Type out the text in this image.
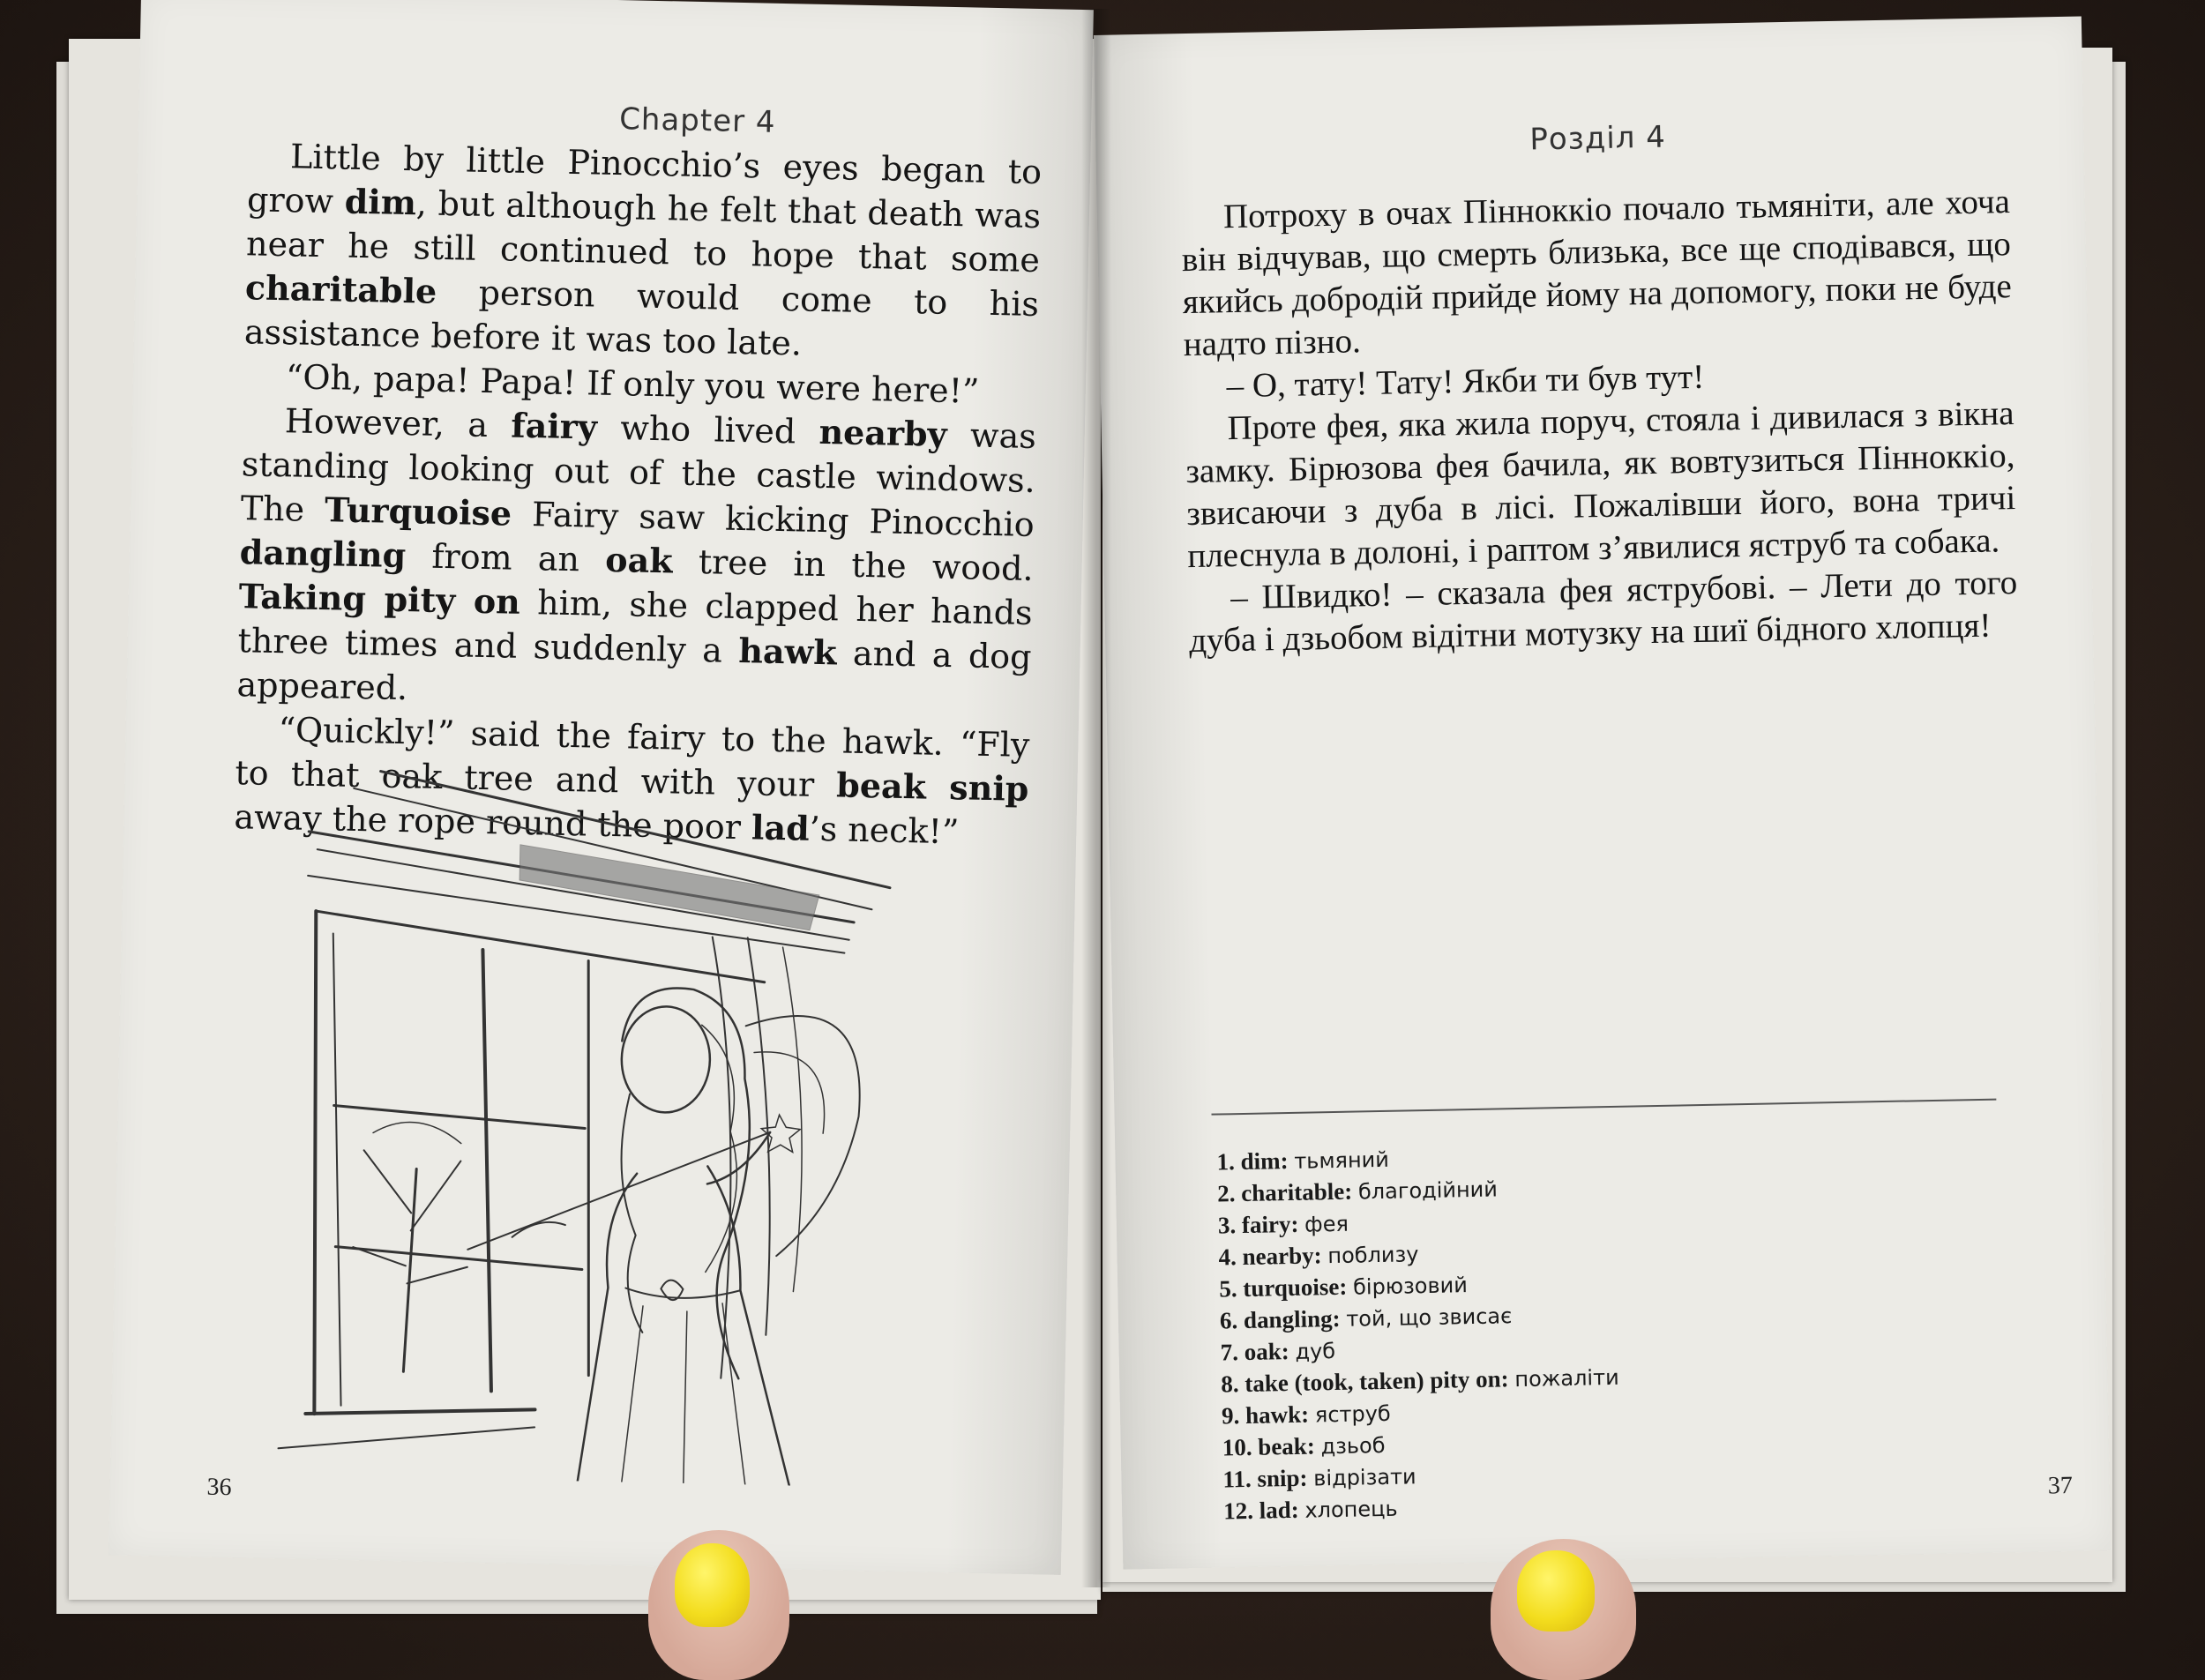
Chapter 4

Little by little Pinocchio’s eyes began to grow dim, but although he felt that death was near he still continued to hope that some charitable person would come to his assistance before it was too late.

“Oh, papa! Papa! If only you were here!”

However, a fairy who lived nearby was standing looking out of the castle windows. The Turquoise Fairy saw kicking Pinocchio dangling from an oak tree in the wood. Taking pity on him, she clapped her hands three times and suddenly a hawk and a dog appeared.

“Quickly!” said the fairy to the hawk. “Fly to that oak tree and with your beak snip away the rope round the poor lad’s neck!”

36
Розділ 4

Потроху в очах Пінноккіо почало тьмяніти, але хоча він відчував, що смерть близька, все ще сподівався, що якийсь добродій прийде йому на допомогу, поки не буде надто пізно.

– О, тату! Тату! Якби ти був тут!

Проте фея, яка жила поруч, стояла і дивилася з вікна замку. Бірюзова фея бачила, як вовтузиться Пінноккіо, звисаючи з дуба в лісі. Пожалівши його, вона тричі плеснула в долоні, і раптом з’явилися яструб та собака.

– Швидко! – сказала фея яструбові. – Лети до того дуба і дзьобом відітни мотузку на шиї бідного хлопця!

1. dim: тьмяний
2. charitable: благодійний
3. fairy: фея
4. nearby: поблизу
5. turquoise: бірюзовий
6. dangling: той, що звисає
7. oak: дуб
8. take (took, taken) pity on: пожаліти
9. hawk: яструб
10. beak: дзьоб
11. snip: відрізати
12. lad: хлопець
37
